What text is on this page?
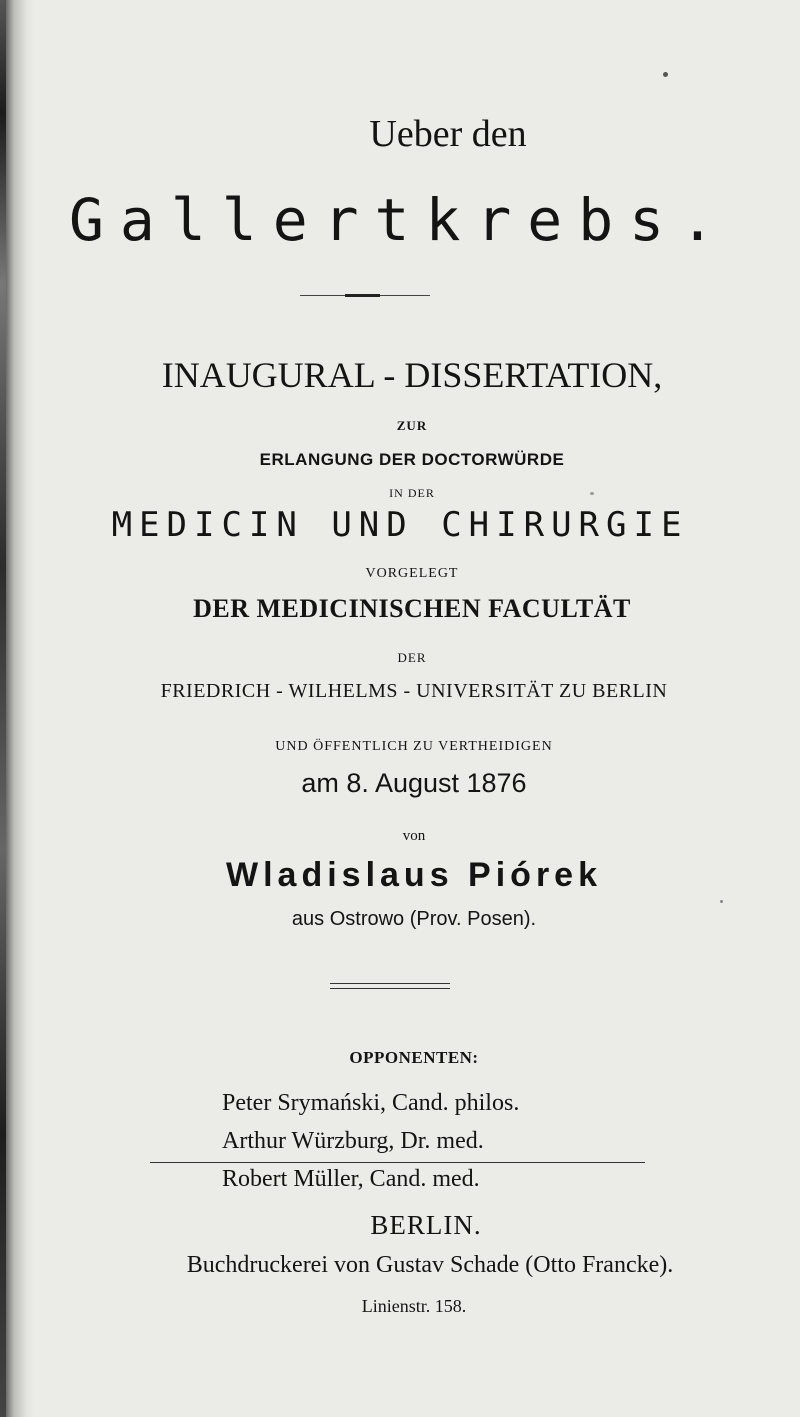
Ueber den
Gallertkrebs.
INAUGURAL - DISSERTATION,
ZUR
ERLANGUNG DER DOCTORWÜRDE
IN DER
MEDICIN UND CHIRURGIE
VORGELEGT
DER MEDICINISCHEN FACULTÄT
DER
FRIEDRICH - WILHELMS - UNIVERSITÄT ZU BERLIN
UND ÖFFENTLICH ZU VERTHEIDIGEN
am 8. August 1876
von
Wladislaus Piórek
aus Ostrowo (Prov. Posen).
OPPONENTEN:
Peter Srymański, Cand. philos.
Arthur Würzburg, Dr. med.
Robert Müller, Cand. med.
BERLIN.
Buchdruckerei von Gustav Schade (Otto Francke).
Linienstr. 158.
